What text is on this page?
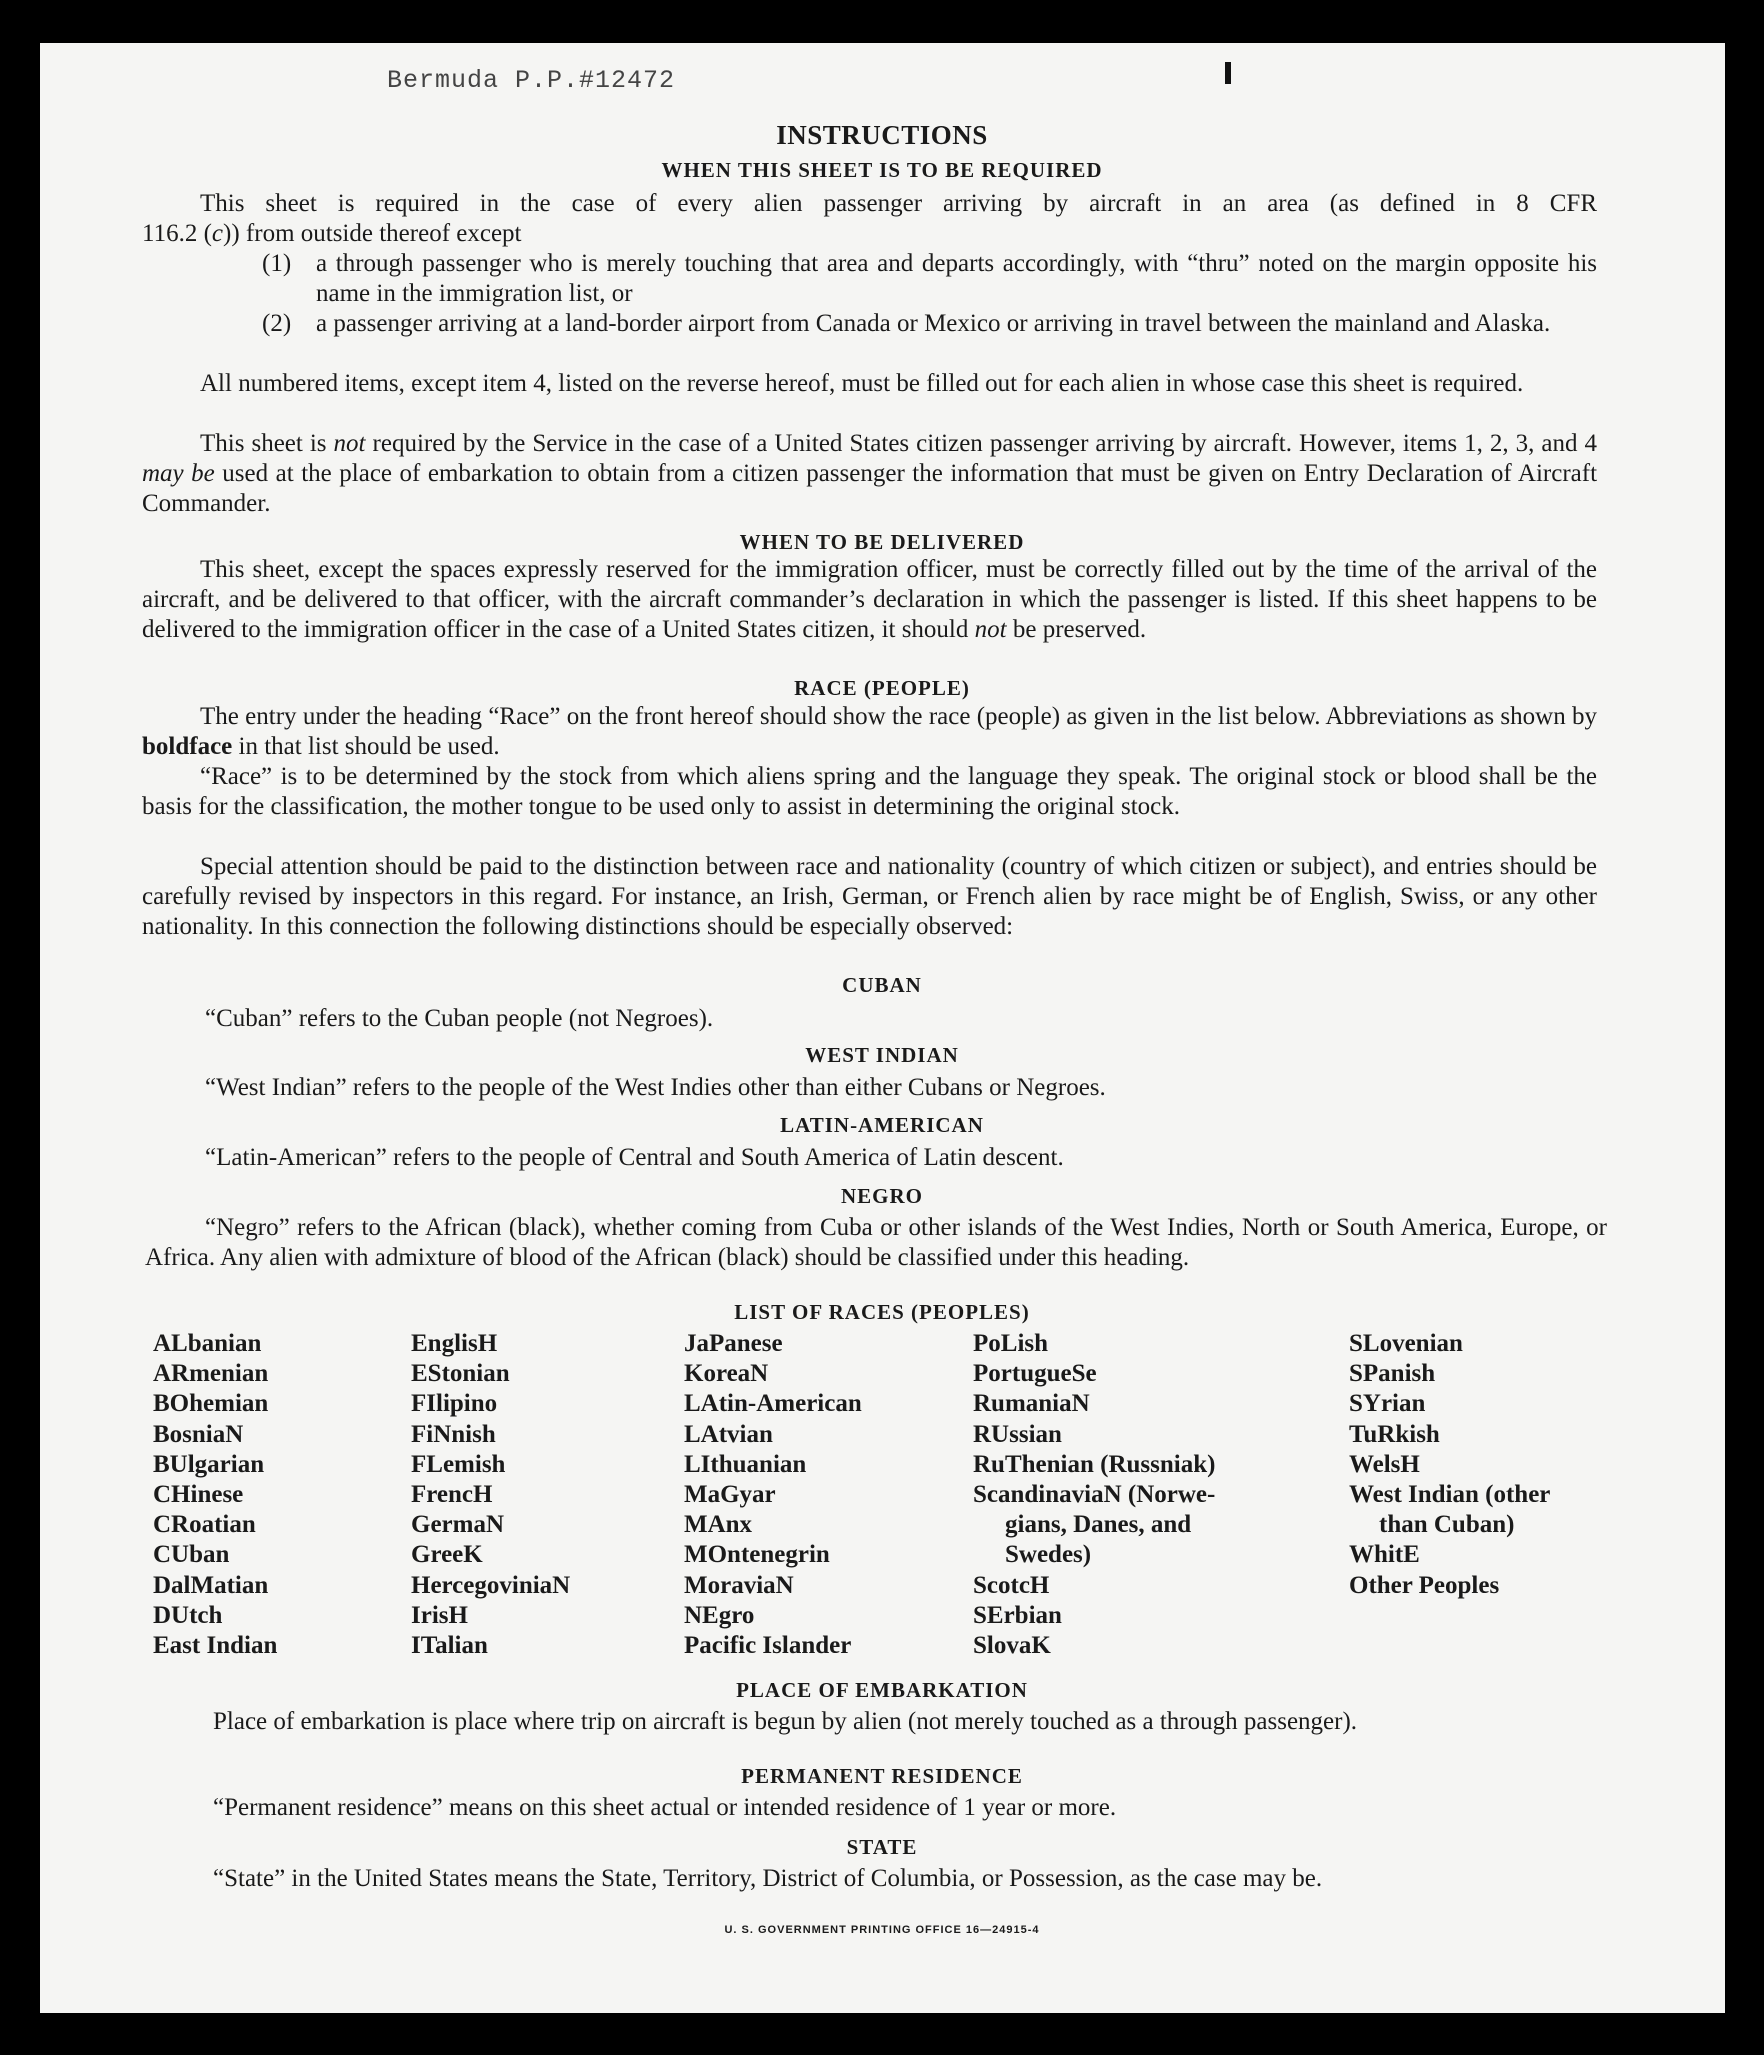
Bermuda P.P.#12472
INSTRUCTIONS
WHEN THIS SHEET IS TO BE REQUIRED
This sheet is required in the case of every alien passenger arriving by aircraft in an area (as defined in 8 CFR
116.2 (c)) from outside thereof except
(1) a through passenger who is merely touching that area and departs accordingly, with “thru” noted on the margin opposite his name in the immigration list, or
(2) a passenger arriving at a land-border airport from Canada or Mexico or arriving in travel between the mainland and Alaska.
All numbered items, except item 4, listed on the reverse hereof, must be filled out for each alien in whose case this sheet is required.
This sheet is not required by the Service in the case of a United States citizen passenger arriving by aircraft. However, items 1, 2, 3, and 4 may be used at the place of embarkation to obtain from a citizen passenger the information that must be given on Entry Declaration of Aircraft Commander.
WHEN TO BE DELIVERED
This sheet, except the spaces expressly reserved for the immigration officer, must be correctly filled out by the time of the arrival of the aircraft, and be delivered to that officer, with the aircraft commander’s declaration in which the passenger is listed. If this sheet happens to be delivered to the immigration officer in the case of a United States citizen, it should not be preserved.
RACE (PEOPLE)
The entry under the heading “Race” on the front hereof should show the race (people) as given in the list below. Abbreviations as shown by boldface in that list should be used.
“Race” is to be determined by the stock from which aliens spring and the language they speak. The original stock or blood shall be the basis for the classification, the mother tongue to be used only to assist in determining the original stock.
Special attention should be paid to the distinction between race and nationality (country of which citizen or subject), and entries should be carefully revised by inspectors in this regard. For instance, an Irish, German, or French alien by race might be of English, Swiss, or any other nationality. In this connection the following distinctions should be especially observed:
CUBAN
“Cuban” refers to the Cuban people (not Negroes).
WEST INDIAN
“West Indian” refers to the people of the West Indies other than either Cubans or Negroes.
LATIN-AMERICAN
“Latin-American” refers to the people of Central and South America of Latin descent.
NEGRO
“Negro” refers to the African (black), whether coming from Cuba or other islands of the West Indies, North or South America, Europe, or Africa. Any alien with admixture of blood of the African (black) should be classified under this heading.
LIST OF RACES (PEOPLES)
ALbanian
ARmenian
BOhemian
BosniaN
BUlgarian
CHinese
CRoatian
CUban
DalMatian
DUtch
East Indian
EnglisH
EStonian
FIlipino
FiNnish
FLemish
FrencH
GermaN
GreeK
HercegoviniaN
IrisH
ITalian
JaPanese
KoreaN
LAtin-American
LAtvian
LIthuanian
MaGyar
MAnx
MOntenegrin
MoraviaN
NEgro
Pacific Islander
PoLish
PortugueSe
RumaniaN
RUssian
RuThenian (Russniak)
ScandinaviaN (Norwe-
gians, Danes, and
Swedes)
ScotcH
SErbian
SlovaK
SLovenian
SPanish
SYrian
TuRkish
WelsH
West Indian (other
than Cuban)
WhitE
Other Peoples
PLACE OF EMBARKATION
Place of embarkation is place where trip on aircraft is begun by alien (not merely touched as a through passenger).
PERMANENT RESIDENCE
“Permanent residence” means on this sheet actual or intended residence of 1 year or more.
STATE
“State” in the United States means the State, Territory, District of Columbia, or Possession, as the case may be.
U. S. GOVERNMENT PRINTING OFFICE 16—24915-4
